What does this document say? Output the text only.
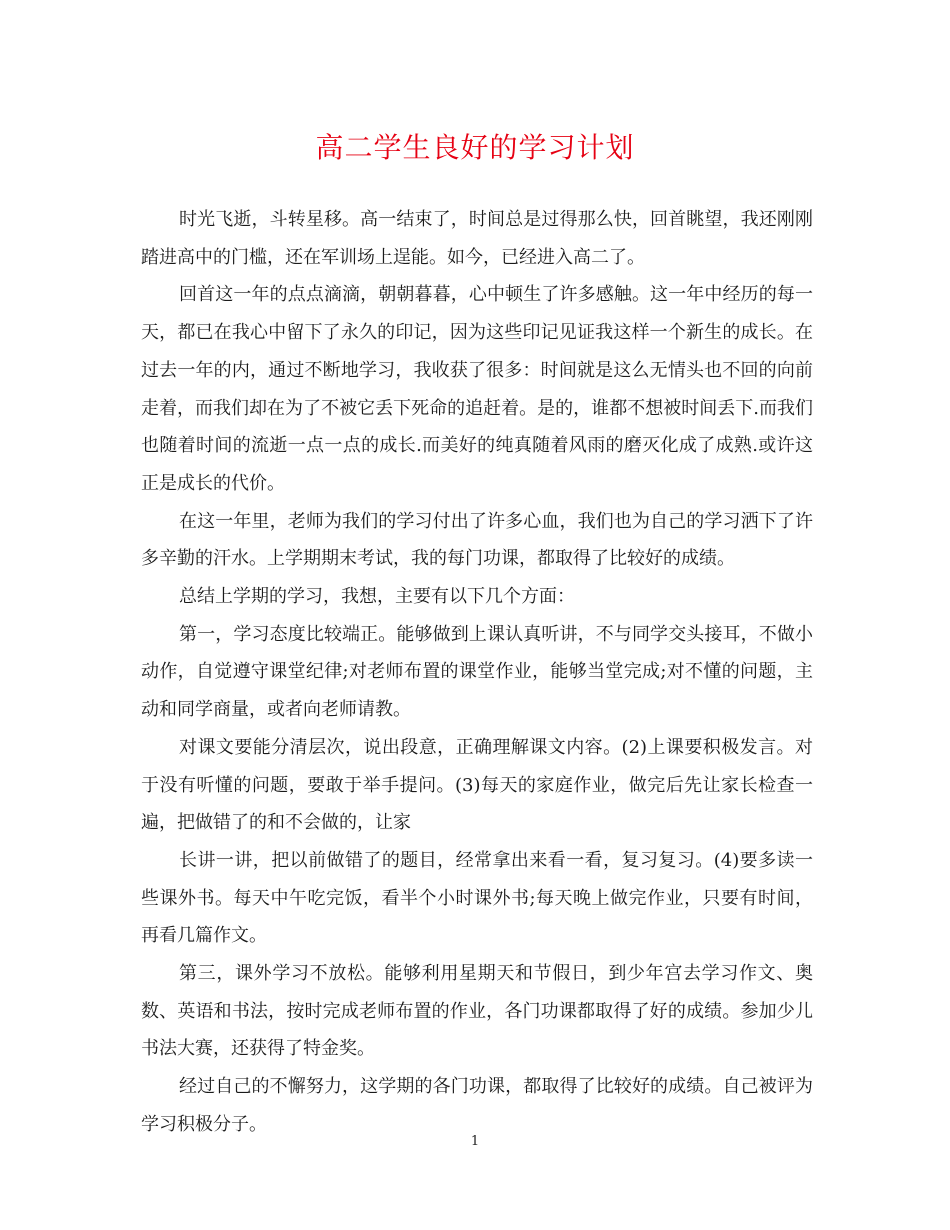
高二学生良好的学习计划

时光飞逝，斗转星移。高一结束了，时间总是过得那么快，回首眺望，我还刚刚踏进高中的门槛，还在军训场上逞能。如今，已经进入高二了。

回首这一年的点点滴滴，朝朝暮暮，心中顿生了许多感触。这一年中经历的每一天，都已在我心中留下了永久的印记，因为这些印记见证我这样一个新生的成长。在过去一年的内，通过不断地学习，我收获了很多：时间就是这么无情头也不回的向前走着，而我们却在为了不被它丢下死命的追赶着。是的，谁都不想被时间丢下.而我们也随着时间的流逝一点一点的成长.而美好的纯真随着风雨的磨灭化成了成熟.或许这正是成长的代价。

在这一年里，老师为我们的学习付出了许多心血，我们也为自己的学习洒下了许多辛勤的汗水。上学期期末考试，我的每门功课，都取得了比较好的成绩。

总结上学期的学习，我想，主要有以下几个方面：

第一，学习态度比较端正。能够做到上课认真听讲，不与同学交头接耳，不做小动作，自觉遵守课堂纪律;对老师布置的课堂作业，能够当堂完成;对不懂的问题，主动和同学商量，或者向老师请教。

对课文要能分清层次，说出段意，正确理解课文内容。(2)上课要积极发言。对于没有听懂的问题，要敢于举手提问。(3)每天的家庭作业，做完后先让家长检查一遍，把做错了的和不会做的，让家

长讲一讲，把以前做错了的题目，经常拿出来看一看，复习复习。(4)要多读一些课外书。每天中午吃完饭，看半个小时课外书;每天晚上做完作业，只要有时间，再看几篇作文。

第三，课外学习不放松。能够利用星期天和节假日，到少年宫去学习作文、奥数、英语和书法，按时完成老师布置的作业，各门功课都取得了好的成绩。参加少儿书法大赛，还获得了特金奖。

经过自己的不懈努力，这学期的各门功课，都取得了比较好的成绩。自己被评为学习积极分子。

1
